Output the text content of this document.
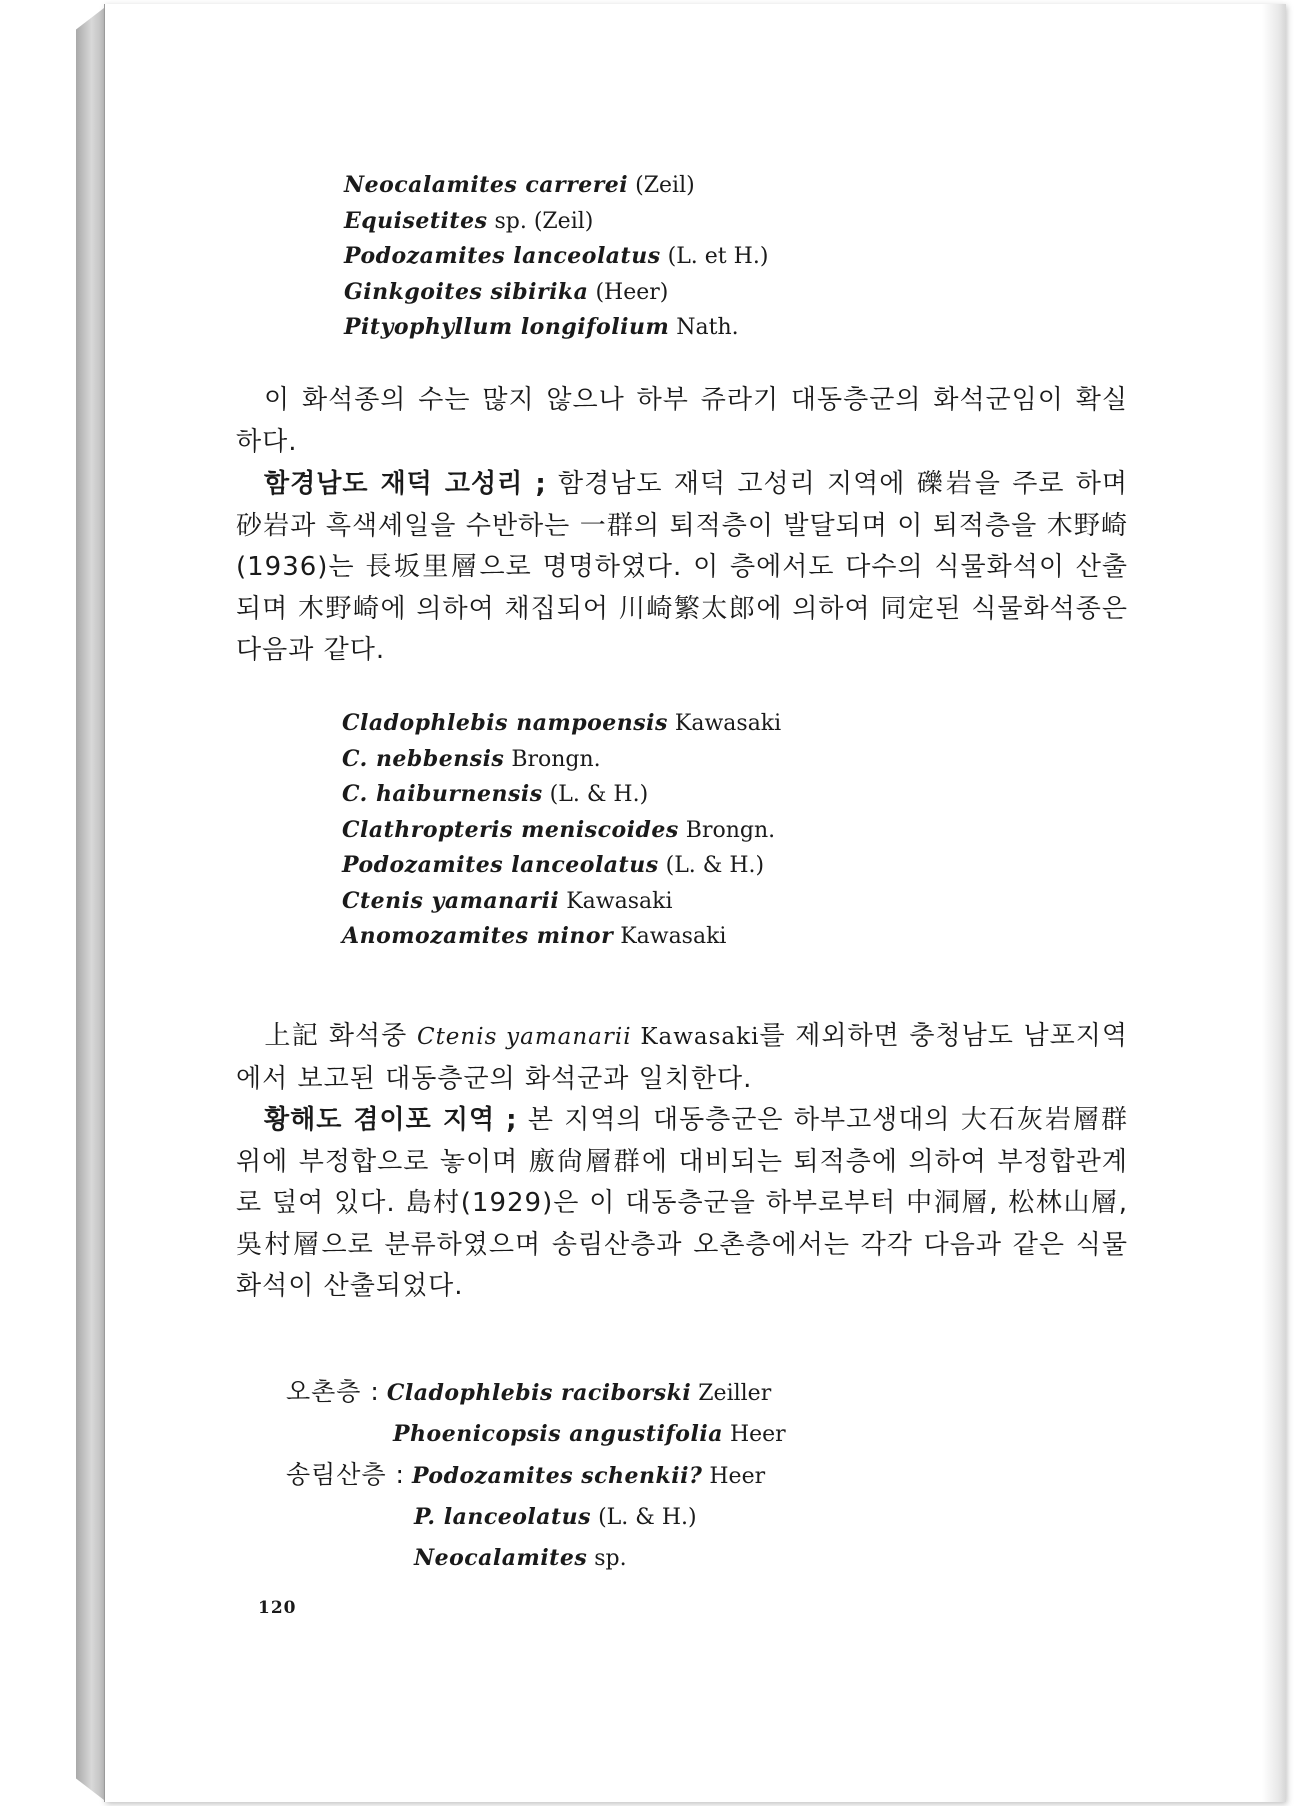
Neocalamites carrerei (Zeil)
Equisetites sp. (Zeil)
Podozamites lanceolatus (L. et H.)
Ginkgoites sibirika (Heer)
Pityophyllum longifolium Nath.
이 화석종의 수는 많지 않으나 하부 쥬라기 대동층군의 화석군임이 확실하다.
함경남도 재덕 고성리 ; 함경남도 재덕 고성리 지역에 礫岩을 주로 하며 砂岩과 흑색셰일을 수반하는 一群의 퇴적층이 발달되며 이 퇴적층을 木野崎(1936)는 長坂里層으로 명명하였다. 이 층에서도 다수의 식물화석이 산출되며 木野崎에 의하여 채집되어 川崎繁太郎에 의하여 同定된 식물화석종은 다음과 같다.
Cladophlebis nampoensis Kawasaki
C. nebbensis Brongn.
C. haiburnensis (L. & H.)
Clathropteris meniscoides Brongn.
Podozamites lanceolatus (L. & H.)
Ctenis yamanarii Kawasaki
Anomozamites minor Kawasaki
上記 화석중 Ctenis yamanarii Kawasaki를 제외하면 충청남도 남포지역에서 보고된 대동층군의 화석군과 일치한다.
황해도 겸이포 지역 ; 본 지역의 대동층군은 하부고생대의 大石灰岩層群위에 부정합으로 놓이며 廒尙層群에 대비되는 퇴적층에 의하여 부정합관계로 덮여 있다. 島村(1929)은 이 대동층군을 하부로부터 中洞層, 松林山層, 吳村層으로 분류하였으며 송림산층과 오촌층에서는 각각 다음과 같은 식물화석이 산출되었다.
오촌층 : Cladophlebis raciborski Zeiller
Phoenicopsis angustifolia Heer
송림산층 : Podozamites schenkii? Heer
P. lanceolatus (L. & H.)
Neocalamites sp.
120
